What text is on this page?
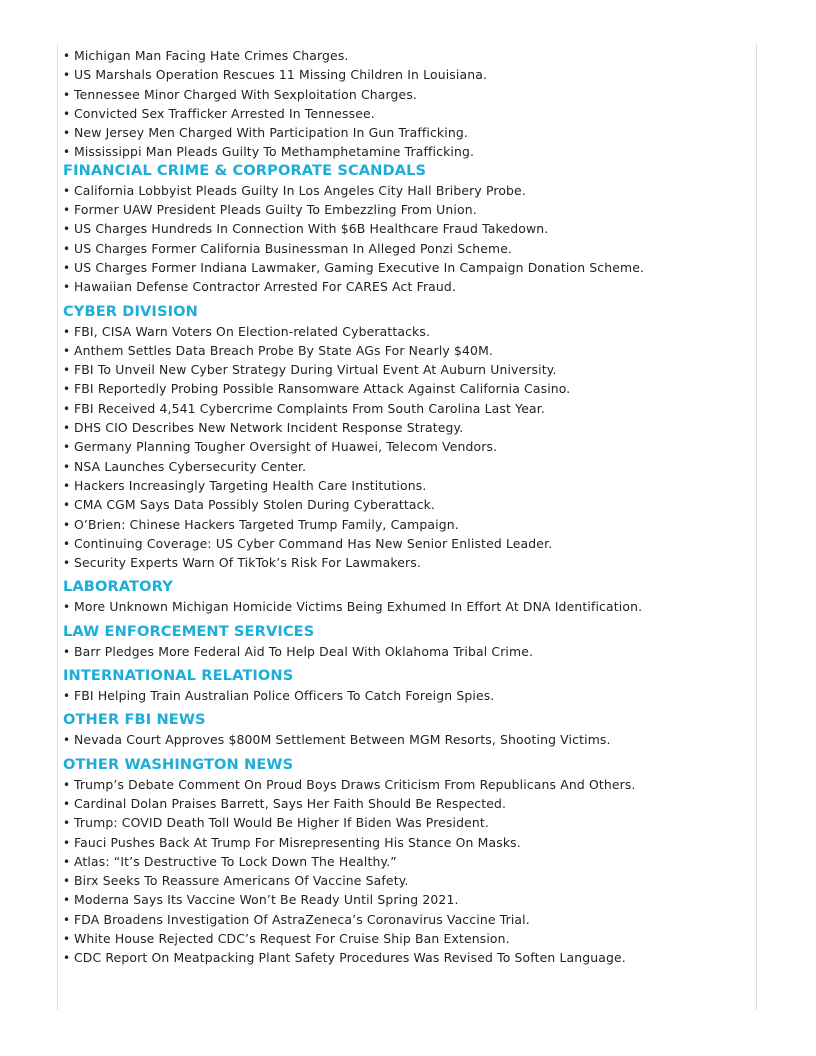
• Michigan Man Facing Hate Crimes Charges.
• US Marshals Operation Rescues 11 Missing Children In Louisiana.
• Tennessee Minor Charged With Sexploitation Charges.
• Convicted Sex Trafficker Arrested In Tennessee.
• New Jersey Men Charged With Participation In Gun Trafficking.
• Mississippi Man Pleads Guilty To Methamphetamine Trafficking.
FINANCIAL CRIME & CORPORATE SCANDALS
• California Lobbyist Pleads Guilty In Los Angeles City Hall Bribery Probe.
• Former UAW President Pleads Guilty To Embezzling From Union.
• US Charges Hundreds In Connection With $6B Healthcare Fraud Takedown.
• US Charges Former California Businessman In Alleged Ponzi Scheme.
• US Charges Former Indiana Lawmaker, Gaming Executive In Campaign Donation Scheme.
• Hawaiian Defense Contractor Arrested For CARES Act Fraud.
CYBER DIVISION
• FBI, CISA Warn Voters On Election-related Cyberattacks.
• Anthem Settles Data Breach Probe By State AGs For Nearly $40M.
• FBI To Unveil New Cyber Strategy During Virtual Event At Auburn University.
• FBI Reportedly Probing Possible Ransomware Attack Against California Casino.
• FBI Received 4,541 Cybercrime Complaints From South Carolina Last Year.
• DHS CIO Describes New Network Incident Response Strategy.
• Germany Planning Tougher Oversight of Huawei, Telecom Vendors.
• NSA Launches Cybersecurity Center.
• Hackers Increasingly Targeting Health Care Institutions.
• CMA CGM Says Data Possibly Stolen During Cyberattack.
• O’Brien: Chinese Hackers Targeted Trump Family, Campaign.
• Continuing Coverage: US Cyber Command Has New Senior Enlisted Leader.
• Security Experts Warn Of TikTok’s Risk For Lawmakers.
LABORATORY
• More Unknown Michigan Homicide Victims Being Exhumed In Effort At DNA Identification.
LAW ENFORCEMENT SERVICES
• Barr Pledges More Federal Aid To Help Deal With Oklahoma Tribal Crime.
INTERNATIONAL RELATIONS
• FBI Helping Train Australian Police Officers To Catch Foreign Spies.
OTHER FBI NEWS
• Nevada Court Approves $800M Settlement Between MGM Resorts, Shooting Victims.
OTHER WASHINGTON NEWS
• Trump’s Debate Comment On Proud Boys Draws Criticism From Republicans And Others.
• Cardinal Dolan Praises Barrett, Says Her Faith Should Be Respected.
• Trump: COVID Death Toll Would Be Higher If Biden Was President.
• Fauci Pushes Back At Trump For Misrepresenting His Stance On Masks.
• Atlas: “It’s Destructive To Lock Down The Healthy.”
• Birx Seeks To Reassure Americans Of Vaccine Safety.
• Moderna Says Its Vaccine Won’t Be Ready Until Spring 2021.
• FDA Broadens Investigation Of AstraZeneca’s Coronavirus Vaccine Trial.
• White House Rejected CDC’s Request For Cruise Ship Ban Extension.
• CDC Report On Meatpacking Plant Safety Procedures Was Revised To Soften Language.
